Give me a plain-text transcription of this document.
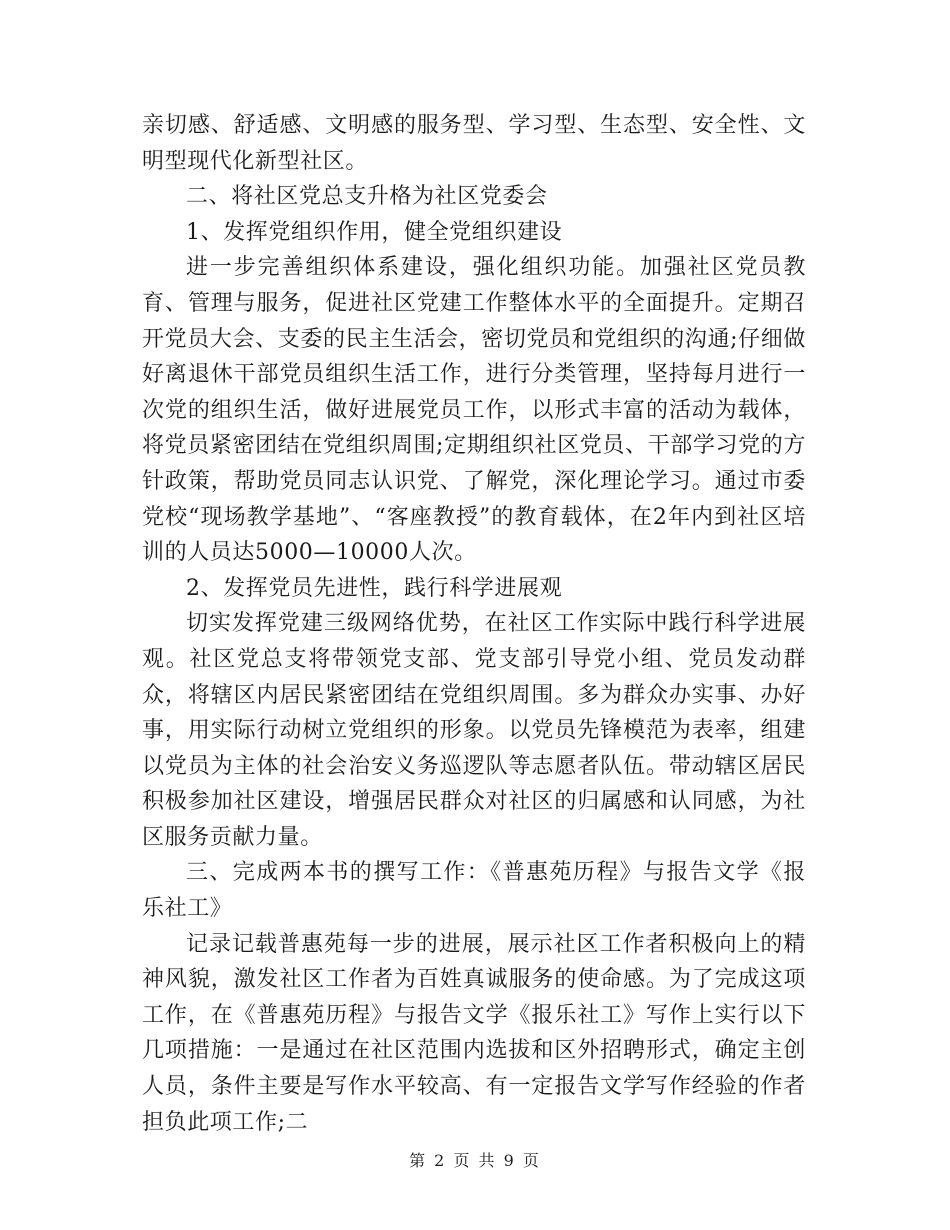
亲切感、舒适感、文明感的服务型、学习型、生态型、安全性、文明型现代化新型社区。

二、将社区党总支升格为社区党委会

1、发挥党组织作用，健全党组织建设

进一步完善组织体系建设，强化组织功能。加强社区党员教育、管理与服务，促进社区党建工作整体水平的全面提升。定期召开党员大会、支委的民主生活会，密切党员和党组织的沟通;仔细做好离退休干部党员组织生活工作，进行分类管理，坚持每月进行一次党的组织生活，做好进展党员工作，以形式丰富的活动为载体，将党员紧密团结在党组织周围;定期组织社区党员、干部学习党的方针政策，帮助党员同志认识党、了解党，深化理论学习。通过市委党校“现场教学基地”、“客座教授”的教育载体，在2年内到社区培训的人员达5000—10000人次。

2、发挥党员先进性，践行科学进展观

切实发挥党建三级网络优势，在社区工作实际中践行科学进展观。社区党总支将带领党支部、党支部引导党小组、党员发动群众，将辖区内居民紧密团结在党组织周围。多为群众办实事、办好事，用实际行动树立党组织的形象。以党员先锋模范为表率，组建以党员为主体的社会治安义务巡逻队等志愿者队伍。带动辖区居民积极参加社区建设，增强居民群众对社区的归属感和认同感，为社区服务贡献力量。

三、完成两本书的撰写工作：《普惠苑历程》与报告文学《报乐社工》

记录记载普惠苑每一步的进展，展示社区工作者积极向上的精神风貌，激发社区工作者为百姓真诚服务的使命感。为了完成这项工作，在《普惠苑历程》与报告文学《报乐社工》写作上实行以下几项措施：一是通过在社区范围内选拔和区外招聘形式，确定主创人员，条件主要是写作水平较高、有一定报告文学写作经验的作者担负此项工作;二

第 2 页 共 9 页
